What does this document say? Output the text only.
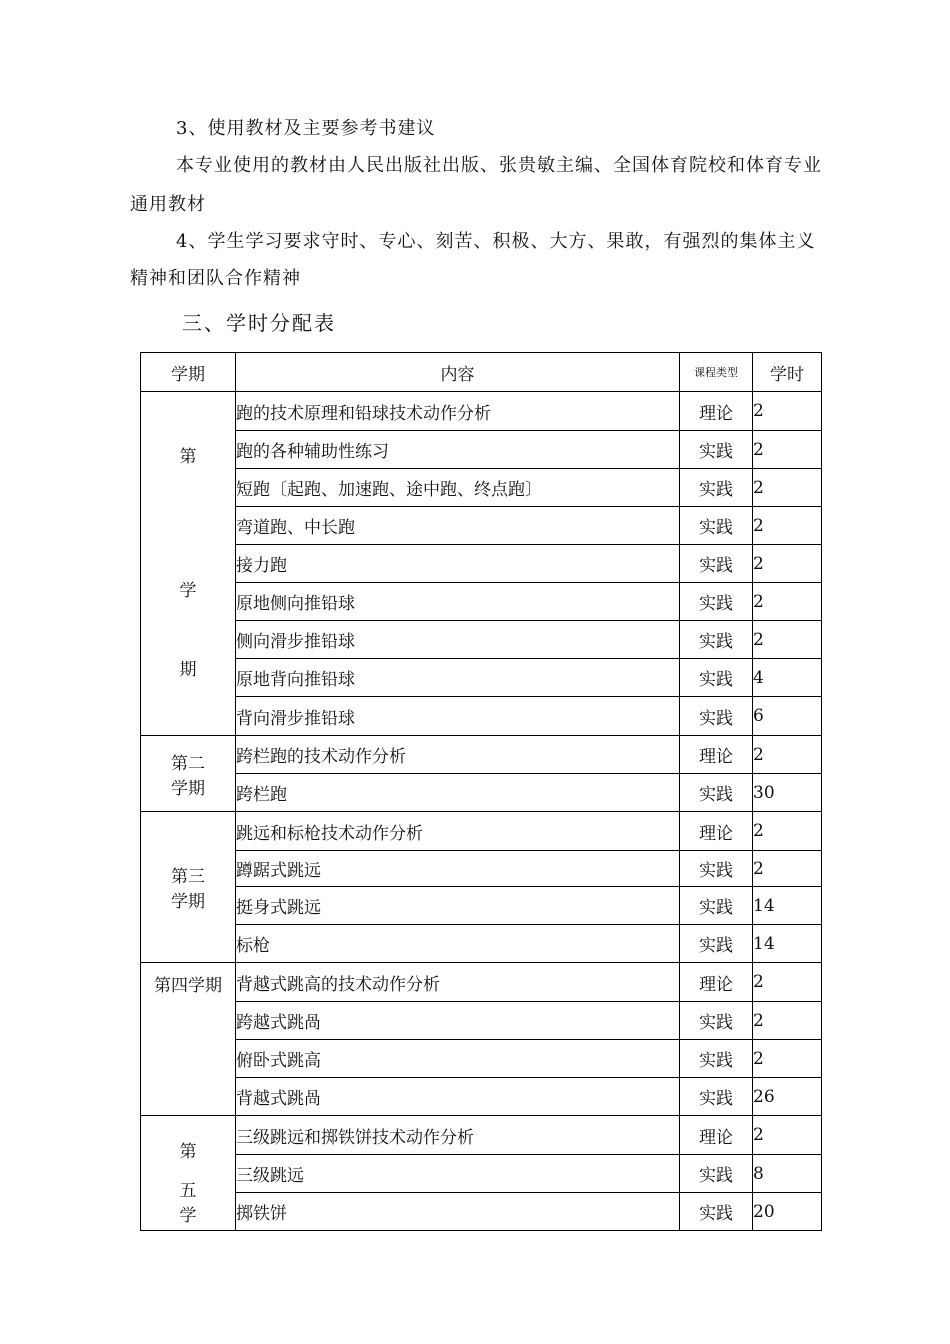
3、使用教材及主要参考书建议
本专业使用的教材由人民出版社出版、张贵敏主编、全国体育院校和体育专业
通用教材
4、学生学习要求守时、专心、刻苦、积极、大方、果敢，有强烈的集体主义
精神和团队合作精神
三、学时分配表
学期	内容	课程类型	学时

第
学
期	跑的技术原理和铅球技术动作分析	理论	2
	跑的各种辅助性练习	实践	2
	短跑〔起跑、加速跑、途中跑、终点跑〕	实践	2
	弯道跑、中长跑	实践	2
	接力跑	实践	2
	原地侧向推铅球	实践	2
	侧向滑步推铅球	实践	2
	原地背向推铅球	实践	4
	背向滑步推铅球	实践	6

第二
学期	跨栏跑的技术动作分析	理论	2
	跨栏跑	实践	30

第三
学期	跳远和标枪技术动作分析	理论	2
	蹲踞式跳远	实践	2
	挺身式跳远	实践	14
	标枪	实践	14

第四学期	背越式跳高的技术动作分析	理论	2
	跨越式跳咼	实践	2
	俯卧式跳高	实践	2
	背越式跳咼	实践	26

第
五
学	三级跳远和掷铁饼技术动作分析	理论	2
	三级跳远	实践	8
	掷铁饼	实践	20
